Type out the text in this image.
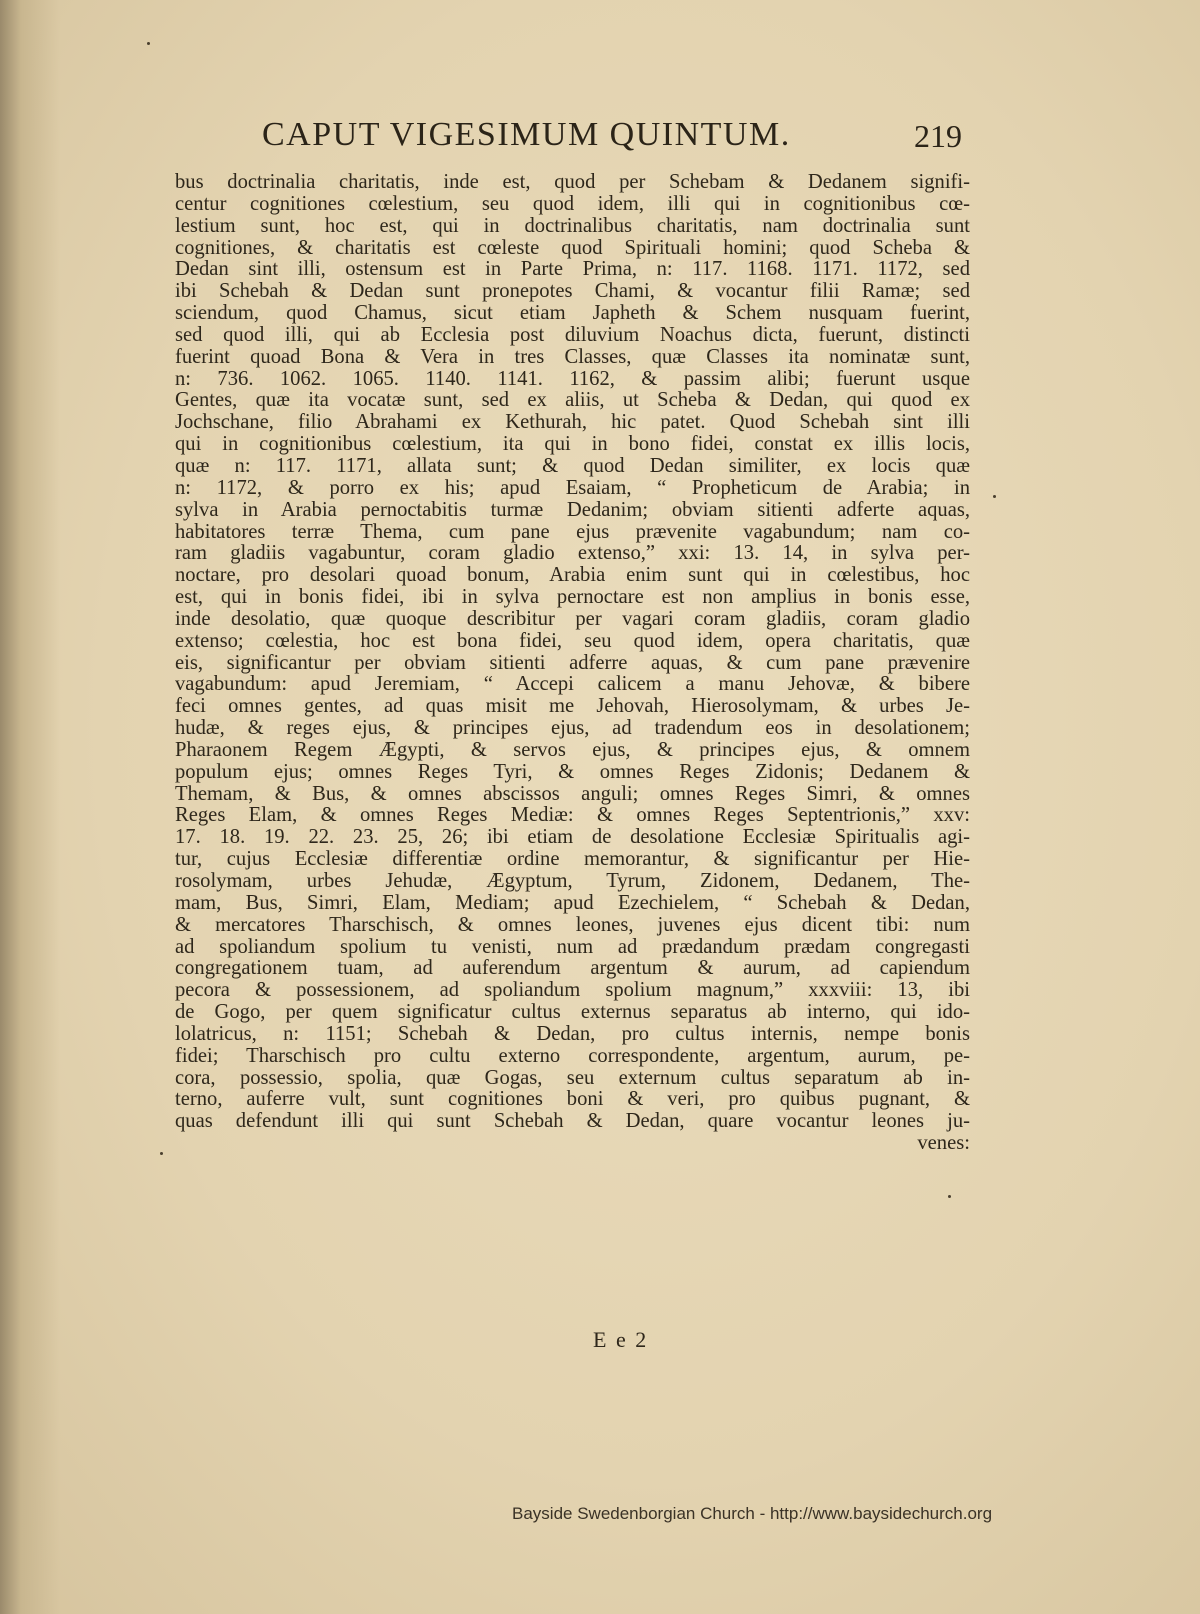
CAPUT VIGESIMUM QUINTUM.	219
bus doctrinalia charitatis, inde est, quod per Schebam & Dedanem signifi-
centur cognitiones cœlestium, seu quod idem, illi qui in cognitionibus cœ-
lestium sunt, hoc est, qui in doctrinalibus charitatis, nam doctrinalia sunt
cognitiones, & charitatis est cœleste quod Spirituali homini; quod Scheba &
Dedan sint illi, ostensum est in Parte Prima, n: 117. 1168. 1171. 1172, sed
ibi Schebah & Dedan sunt pronepotes Chami, & vocantur filii Ramæ; sed
sciendum, quod Chamus, sicut etiam Japheth & Schem nusquam fuerint,
sed quod illi, qui ab Ecclesia post diluvium Noachus dicta, fuerunt, distincti
fuerint quoad Bona & Vera in tres Classes, quæ Classes ita nominatæ sunt,
n: 736. 1062. 1065. 1140. 1141. 1162, & passim alibi; fuerunt usque
Gentes, quæ ita vocatæ sunt, sed ex aliis, ut Scheba & Dedan, qui quod ex
Jochschane, filio Abrahami ex Kethurah, hic patet. Quod Schebah sint illi
qui in cognitionibus cœlestium, ita qui in bono fidei, constat ex illis locis,
quæ n: 117. 1171, allata sunt; & quod Dedan similiter, ex locis quæ
n: 1172, & porro ex his; apud Esaiam, “ Propheticum de Arabia; in
sylva in Arabia pernoctabitis turmæ Dedanim; obviam sitienti adferte aquas,
habitatores terræ Thema, cum pane ejus prævenite vagabundum; nam co-
ram gladiis vagabuntur, coram gladio extenso,” xxi: 13. 14, in sylva per-
noctare, pro desolari quoad bonum, Arabia enim sunt qui in cœlestibus, hoc
est, qui in bonis fidei, ibi in sylva pernoctare est non amplius in bonis esse,
inde desolatio, quæ quoque describitur per vagari coram gladiis, coram gladio
extenso; cœlestia, hoc est bona fidei, seu quod idem, opera charitatis, quæ
eis, significantur per obviam sitienti adferre aquas, & cum pane prævenire
vagabundum: apud Jeremiam, “ Accepi calicem a manu Jehovæ, & bibere
feci omnes gentes, ad quas misit me Jehovah, Hierosolymam, & urbes Je-
hudæ, & reges ejus, & principes ejus, ad tradendum eos in desolationem;
Pharaonem Regem Ægypti, & servos ejus, & principes ejus, & omnem
populum ejus; omnes Reges Tyri, & omnes Reges Zidonis; Dedanem &
Themam, & Bus, & omnes abscissos anguli; omnes Reges Simri, & omnes
Reges Elam, & omnes Reges Mediæ: & omnes Reges Septentrionis,” xxv:
17. 18. 19. 22. 23. 25, 26; ibi etiam de desolatione Ecclesiæ Spiritualis agi-
tur, cujus Ecclesiæ differentiæ ordine memorantur, & significantur per Hie-
rosolymam, urbes Jehudæ, Ægyptum, Tyrum, Zidonem, Dedanem, The-
mam, Bus, Simri, Elam, Mediam; apud Ezechielem, “ Schebah & Dedan,
& mercatores Tharschisch, & omnes leones, juvenes ejus dicent tibi: num
ad spoliandum spolium tu venisti, num ad prædandum prædam congregasti
congregationem tuam, ad auferendum argentum & aurum, ad capiendum
pecora & possessionem, ad spoliandum spolium magnum,” xxxviii: 13, ibi
de Gogo, per quem significatur cultus externus separatus ab interno, qui ido-
lolatricus, n: 1151; Schebah & Dedan, pro cultus internis, nempe bonis
fidei; Tharschisch pro cultu externo correspondente, argentum, aurum, pe-
cora, possessio, spolia, quæ Gogas, seu externum cultus separatum ab in-
terno, auferre vult, sunt cognitiones boni & veri, pro quibus pugnant, &
quas defendunt illi qui sunt Schebah & Dedan, quare vocantur leones ju-
venes:
E e 2
Bayside Swedenborgian Church - http://www.baysidechurch.org
